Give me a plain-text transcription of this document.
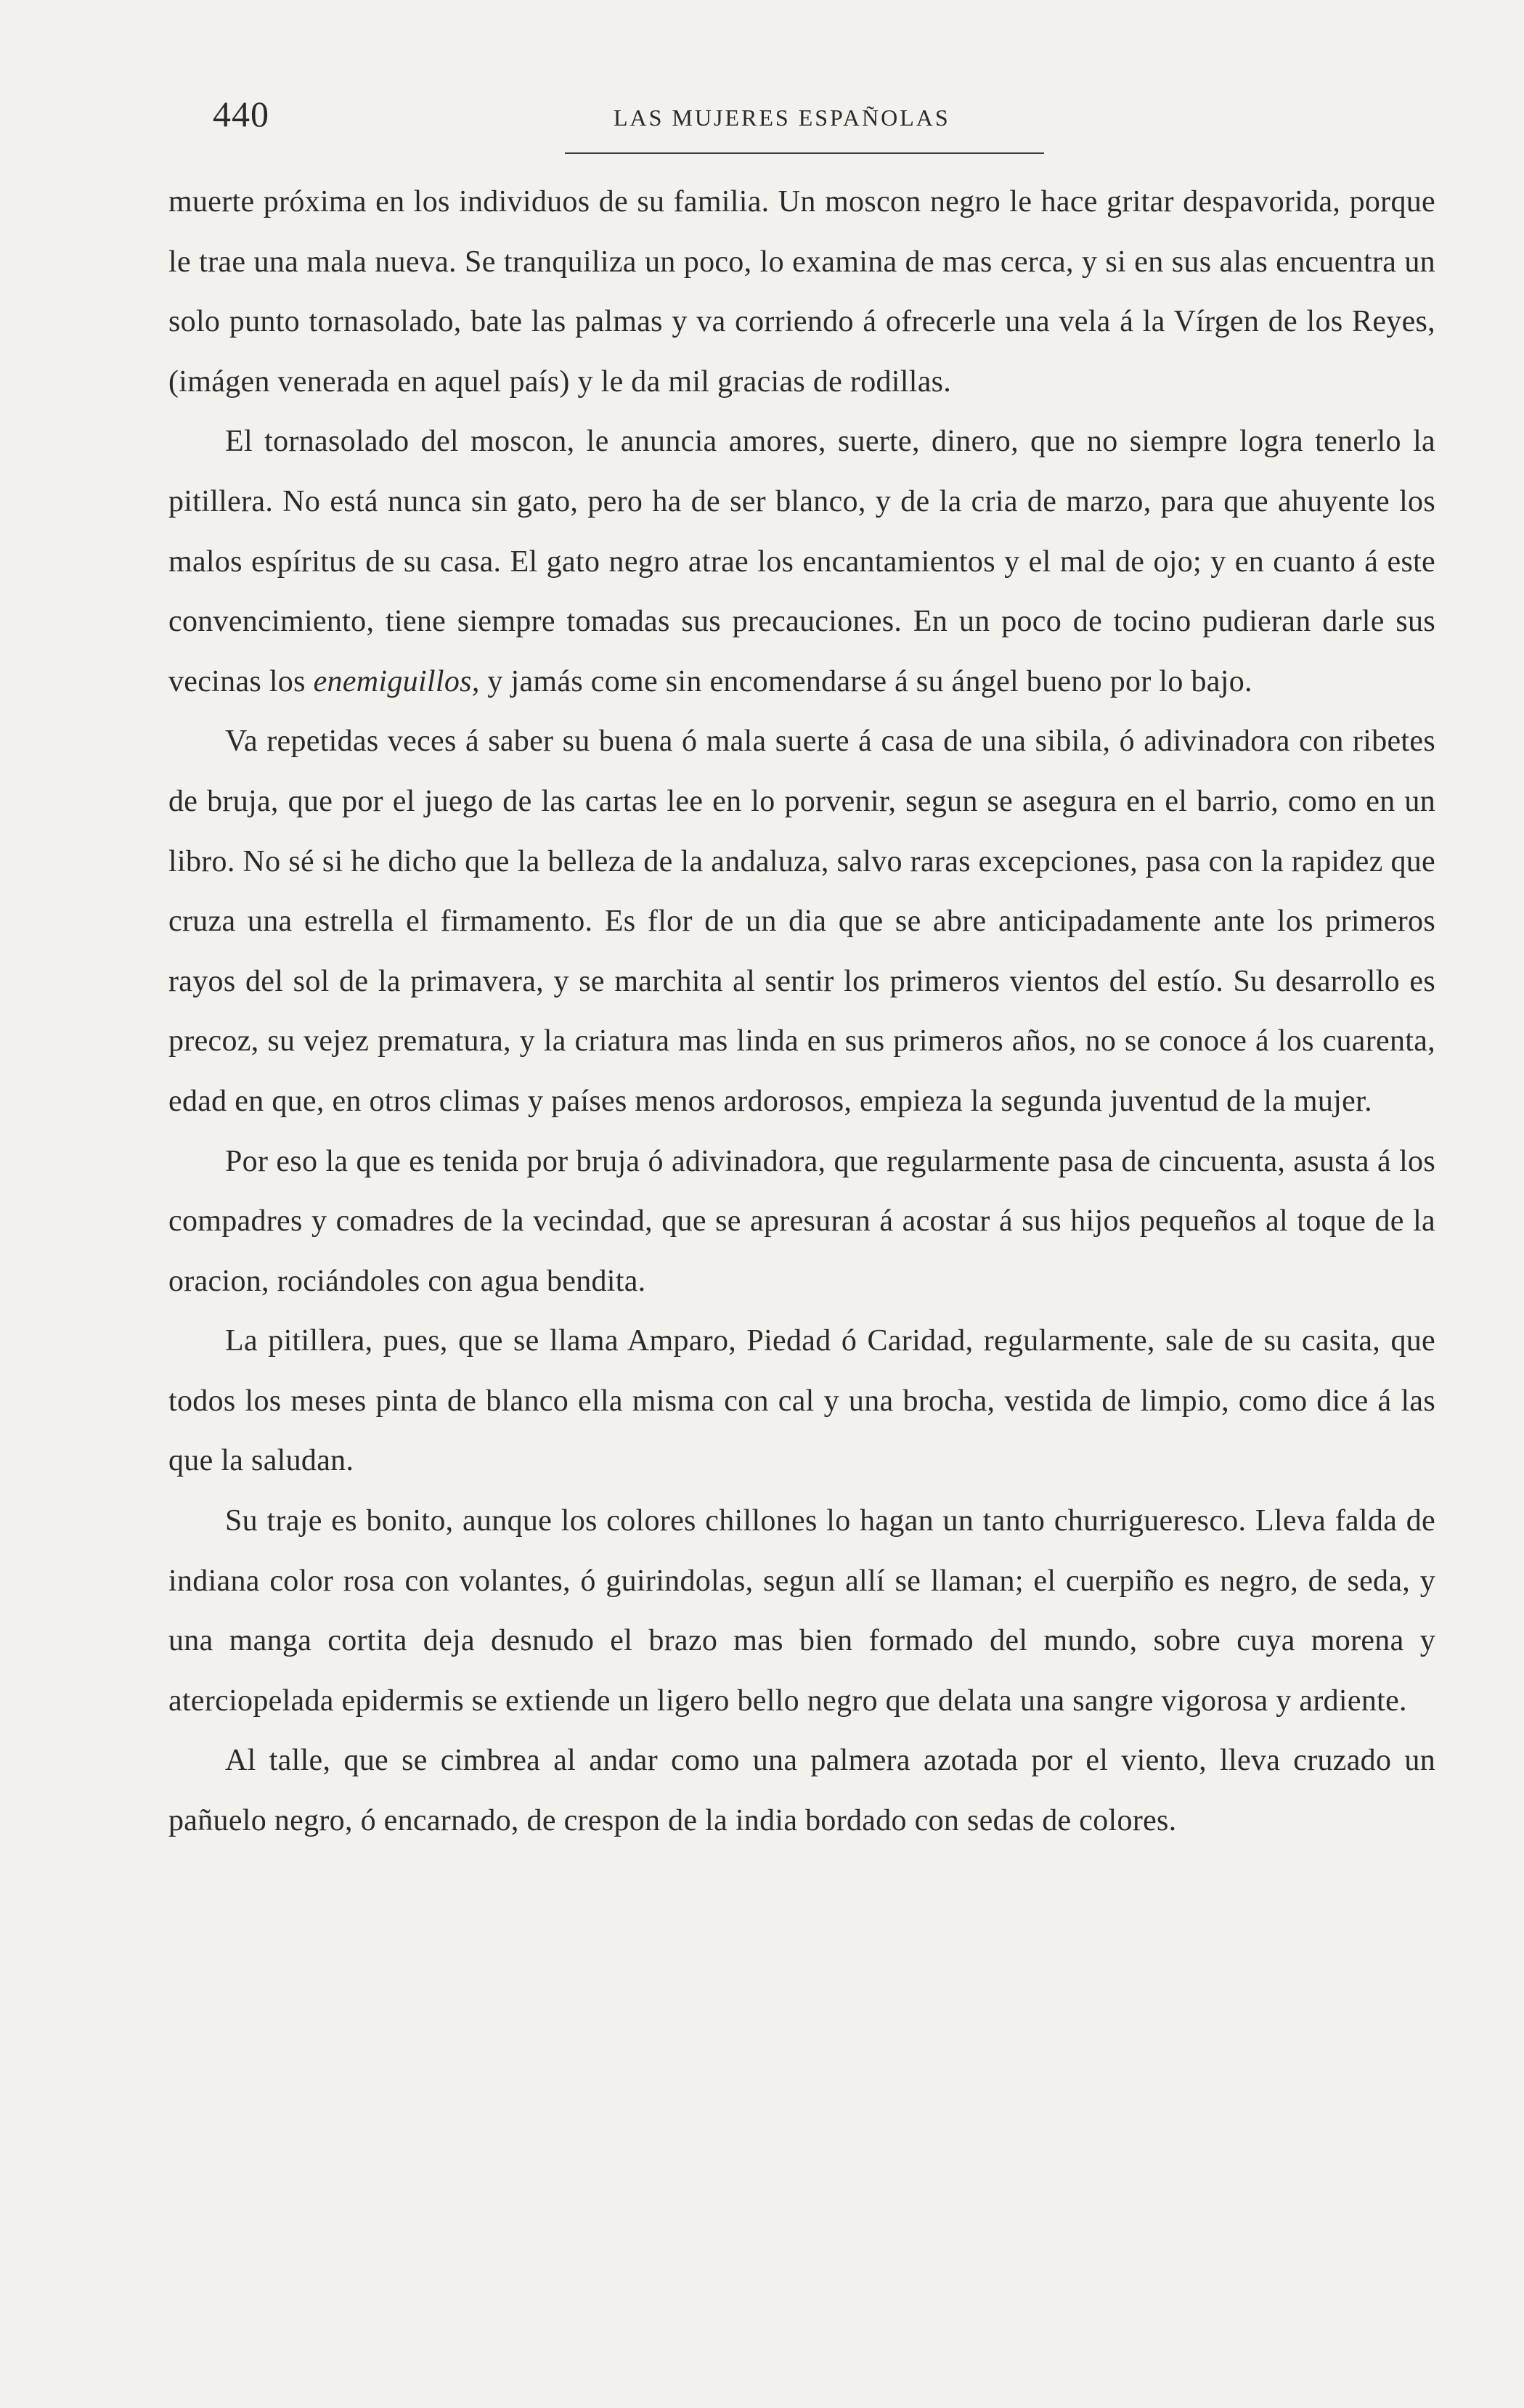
440	LAS MUJERES ESPAÑOLAS

muerte próxima en los individuos de su familia. Un moscon negro le hace gritar despavorida, porque le trae una mala nueva. Se tranquiliza un poco, lo examina de mas cerca, y si en sus alas encuentra un solo punto tornasolado, bate las palmas y va corriendo á ofrecerle una vela á la Vírgen de los Reyes, (imágen venerada en aquel país) y le da mil gracias de rodillas.

El tornasolado del moscon, le anuncia amores, suerte, dinero, que no siempre logra tenerlo la pitillera. No está nunca sin gato, pero ha de ser blanco, y de la cria de marzo, para que ahuyente los malos espíritus de su casa. El gato negro atrae los encantamientos y el mal de ojo; y en cuanto á este convencimiento, tiene siempre tomadas sus precauciones. En un poco de tocino pudieran darle sus vecinas los enemiguillos, y jamás come sin encomendarse á su ángel bueno por lo bajo.

Va repetidas veces á saber su buena ó mala suerte á casa de una sibila, ó adivinadora con ribetes de bruja, que por el juego de las cartas lee en lo porvenir, segun se asegura en el barrio, como en un libro. No sé si he dicho que la belleza de la andaluza, salvo raras excepciones, pasa con la rapidez que cruza una estrella el firmamento. Es flor de un dia que se abre anticipadamente ante los primeros rayos del sol de la primavera, y se marchita al sentir los primeros vientos del estío. Su desarrollo es precoz, su vejez prematura, y la criatura mas linda en sus primeros años, no se conoce á los cuarenta, edad en que, en otros climas y países menos ardorosos, empieza la segunda juventud de la mujer.

Por eso la que es tenida por bruja ó adivinadora, que regularmente pasa de cincuenta, asusta á los compadres y comadres de la vecindad, que se apresuran á acostar á sus hijos pequeños al toque de la oracion, rociándoles con agua bendita.

La pitillera, pues, que se llama Amparo, Piedad ó Caridad, regularmente, sale de su casita, que todos los meses pinta de blanco ella misma con cal y una brocha, vestida de limpio, como dice á las que la saludan.

Su traje es bonito, aunque los colores chillones lo hagan un tanto churrigueresco. Lleva falda de indiana color rosa con volantes, ó guirindolas, segun allí se llaman; el cuerpiño es negro, de seda, y una manga cortita deja desnudo el brazo mas bien formado del mundo, sobre cuya morena y aterciopelada epidermis se extiende un ligero bello negro que delata una sangre vigorosa y ardiente.

Al talle, que se cimbrea al andar como una palmera azotada por el viento, lleva cruzado un pañuelo negro, ó encarnado, de crespon de la india bordado con sedas de colores.
